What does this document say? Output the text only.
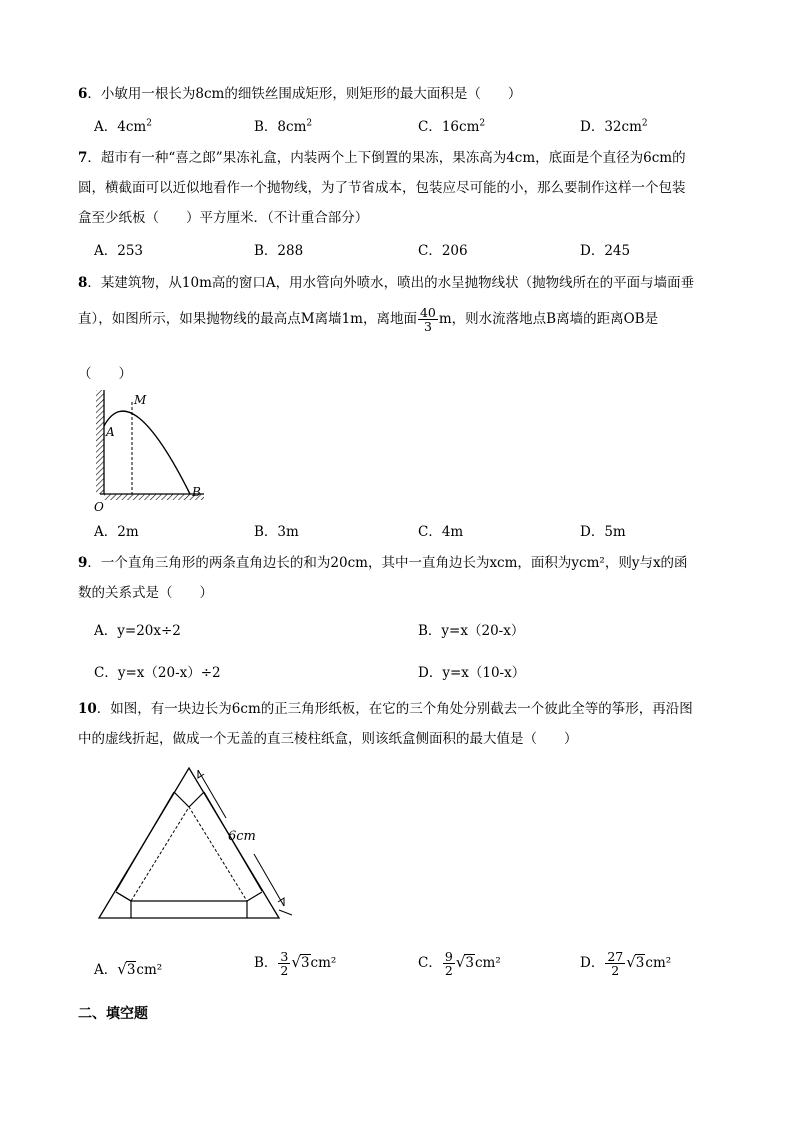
6．小敏用一根长为8cm的细铁丝围成矩形，则矩形的最大面积是（　　）
A．$4cm^2$	B．$8cm^2$	C．$16cm^2$	D．$32cm^2$
7．超市有一种“喜之郎”果冻礼盒，内装两个上下倒置的果冻，果冻高为4cm，底面是个直径为6cm的
圆，横截面可以近似地看作一个抛物线，为了节省成本，包装应尽可能的小，那么要制作这样一个包装
盒至少纸板（　　）平方厘米．（不计重合部分）
A．253	B．288	C．206	D．245
8．某建筑物，从10m高的窗口A，用水管向外喷水，喷出的水呈抛物线状（抛物线所在的平面与墙面垂
直），如图所示，如果抛物线的最高点M离墙1m，离地面 $\frac{40}{3}$ m，则水流落地点B离墙的距离OB是
（　　）
M
A
O
B
A．2m	B．3m	C．4m	D．5m
9．一个直角三角形的两条直角边长的和为20cm，其中一直角边长为xcm，面积为ycm²，则y与x的函
数的关系式是（　　）
A．y=20x÷2	B．y=x（20-x）
C．y=x（20-x）÷2	D．y=x（10-x）
10．如图，有一块边长为6cm的正三角形纸板，在它的三个角处分别截去一个彼此全等的筝形，再沿图
中的虚线折起，做成一个无盖的直三棱柱纸盒，则该纸盒侧面积的最大值是（　　）
6cm
A．√3cm²	B． $\frac{3}{2} √3cm^2$	C． $\frac{9}{2} √3cm^2$	D． $\frac{27}{2} √3cm^2$
二、填空题
